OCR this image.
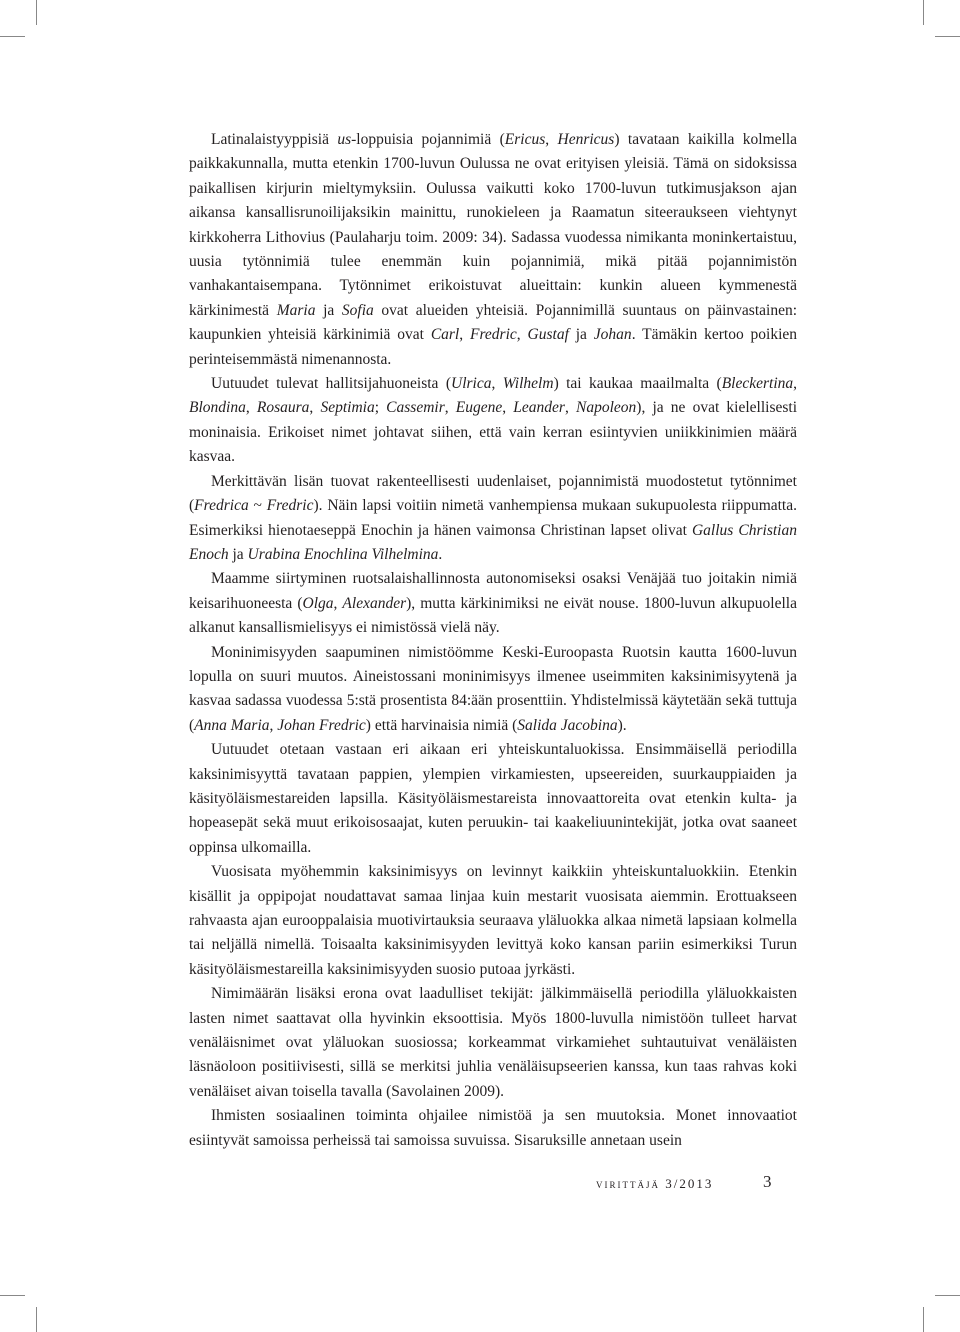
Latinalaistyyppisiä us-loppuisia pojannimiä (Ericus, Henricus) tavataan kaikilla kolmella paikkakunnalla, mutta etenkin 1700-luvun Oulussa ne ovat erityisen yleisiä. Tämä on sidoksissa paikallisen kirjurin mieltymyksiin. Oulussa vaikutti koko 1700-luvun tutkimusjakson ajan aikansa kansallisrunoilijaksikin mainittu, runokieleen ja Raamatun siteeraukseen viehtynyt kirkkoherra Lithovius (Paulaharju toim. 2009: 34). Sadassa vuodessa nimikanta moninkertaistuu, uusia tytönnimiä tulee enemmän kuin pojannimiä, mikä pitää pojannimistön vanhakantaisempana. Tytönnimet erikoistuvat alueittain: kunkin alueen kymmenestä kärkinimestä Maria ja Sofia ovat alueiden yhteisiä. Pojannimillä suuntaus on päinvastainen: kaupunkien yhteisiä kärkinimiä ovat Carl, Fredric, Gustaf ja Johan. Tämäkin kertoo poikien perinteisemmästä nimenannosta.

Uutuudet tulevat hallitsijahuoneista (Ulrica, Wilhelm) tai kaukaa maailmalta (Bleckertina, Blondina, Rosaura, Septimia; Cassemir, Eugene, Leander, Napoleon), ja ne ovat kielellisesti moninaisia. Erikoiset nimet johtavat siihen, että vain kerran esiintyvien uniikkinimien määrä kasvaa.

Merkittävän lisän tuovat rakenteellisesti uudenlaiset, pojannimistä muodostetut tytönnimet (Fredrica ~ Fredric). Näin lapsi voitiin nimetä vanhempiensa mukaan sukupuolesta riippumatta. Esimerkiksi hienotaeseppä Enochin ja hänen vaimonsa Christinan lapset olivat Gallus Christian Enoch ja Urabina Enochlina Vilhelmina.

Maamme siirtyminen ruotsalaishallinnosta autonomiseksi osaksi Venäjää tuo joitakin nimiä keisarihuoneesta (Olga, Alexander), mutta kärkinimiksi ne eivät nouse. 1800-luvun alkupuolella alkanut kansallismielisyys ei nimistössä vielä näy.

Moninimisyyden saapuminen nimistöömme Keski-Euroopasta Ruotsin kautta 1600-luvun lopulla on suuri muutos. Aineistossani moninimisyys ilmenee useimmiten kaksinimisyytenä ja kasvaa sadassa vuodessa 5:stä prosentista 84:ään prosenttiin. Yhdistelmissä käytetään sekä tuttuja (Anna Maria, Johan Fredric) että harvinaisia nimiä (Salida Jacobina).

Uutuudet otetaan vastaan eri aikaan eri yhteiskuntaluokissa. Ensimmäisellä periodilla kaksinimisyyttä tavataan pappien, ylempien virkamiesten, upseereiden, suurkauppiaiden ja käsityöläismestareiden lapsilla. Käsityöläismestareista innovaattoreita ovat etenkin kulta- ja hopeasepät sekä muut erikoisosaajat, kuten peruukin- tai kaakeliuunintekijät, jotka ovat saaneet oppinsa ulkomailla.

Vuosisata myöhemmin kaksinimisyys on levinnyt kaikkiin yhteiskuntaluokkiin. Etenkin kisällit ja oppipojat noudattavat samaa linjaa kuin mestarit vuosisata aiemmin. Erottuakseen rahvaasta ajan eurooppalaisia muotivirtauksia seuraava yläluokka alkaa nimetä lapsiaan kolmella tai neljällä nimellä. Toisaalta kaksinimisyyden levittyä koko kansan pariin esimerkiksi Turun käsityöläismestareilla kaksinimisyyden suosio putoaa jyrkästi.

Nimimäärän lisäksi erona ovat laadulliset tekijät: jälkimmäisellä periodilla yläluokkaisten lasten nimet saattavat olla hyvinkin eksoottisia. Myös 1800-luvulla nimistöön tulleet harvat venäläisnimet ovat yläluokan suosiossa; korkeammat virkamiehet suhtautuivat venäläisten läsnäoloon positiivisesti, sillä se merkitsi juhlia venäläisupseerien kanssa, kun taas rahvas koki venäläiset aivan toisella tavalla (Savolainen 2009).

Ihmisten sosiaalinen toiminta ohjailee nimistöä ja sen muutoksia. Monet innovaatiot esiintyvät samoissa perheissä tai samoissa suvuissa. Sisaruksille annetaan usein

virittäjä 3/2013	3
